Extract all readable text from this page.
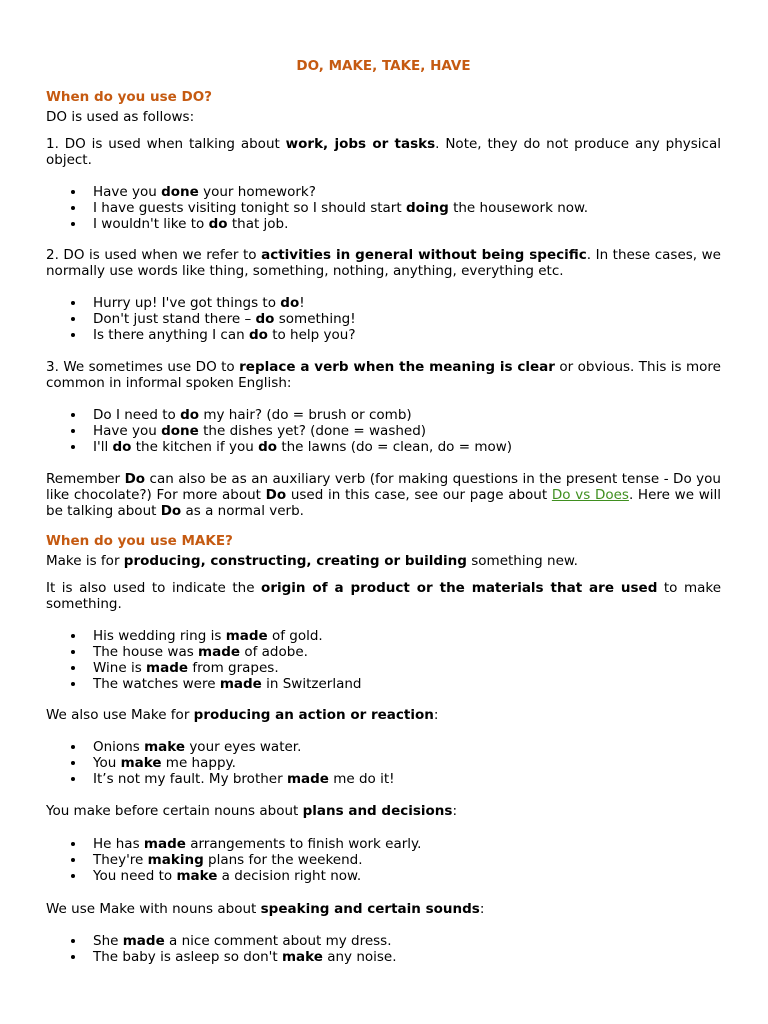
DO, MAKE, TAKE, HAVE
When do you use DO?
DO is used as follows:
1. DO is used when talking about work, jobs or tasks. Note, they do not produce any physical object.
Have you done your homework?
I have guests visiting tonight so I should start doing the housework now.
I wouldn't like to do that job.
2. DO is used when we refer to activities in general without being specific. In these cases, we normally use words like thing, something, nothing, anything, everything etc.
Hurry up! I've got things to do!
Don't just stand there – do something!
Is there anything I can do to help you?
3. We sometimes use DO to replace a verb when the meaning is clear or obvious. This is more common in informal spoken English:
Do I need to do my hair? (do = brush or comb)
Have you done the dishes yet? (done = washed)
I'll do the kitchen if you do the lawns (do = clean, do = mow)
Remember Do can also be as an auxiliary verb (for making questions in the present tense - Do you like chocolate?) For more about Do used in this case, see our page about Do vs Does. Here we will be talking about Do as a normal verb.
When do you use MAKE?
Make is for producing, constructing, creating or building something new.
It is also used to indicate the origin of a product or the materials that are used to make something.
His wedding ring is made of gold.
The house was made of adobe.
Wine is made from grapes.
The watches were made in Switzerland
We also use Make for producing an action or reaction:
Onions make your eyes water.
You make me happy.
It’s not my fault. My brother made me do it!
You make before certain nouns about plans and decisions:
He has made arrangements to finish work early.
They're making plans for the weekend.
You need to make a decision right now.
We use Make with nouns about speaking and certain sounds:
She made a nice comment about my dress.
The baby is asleep so don't make any noise.
